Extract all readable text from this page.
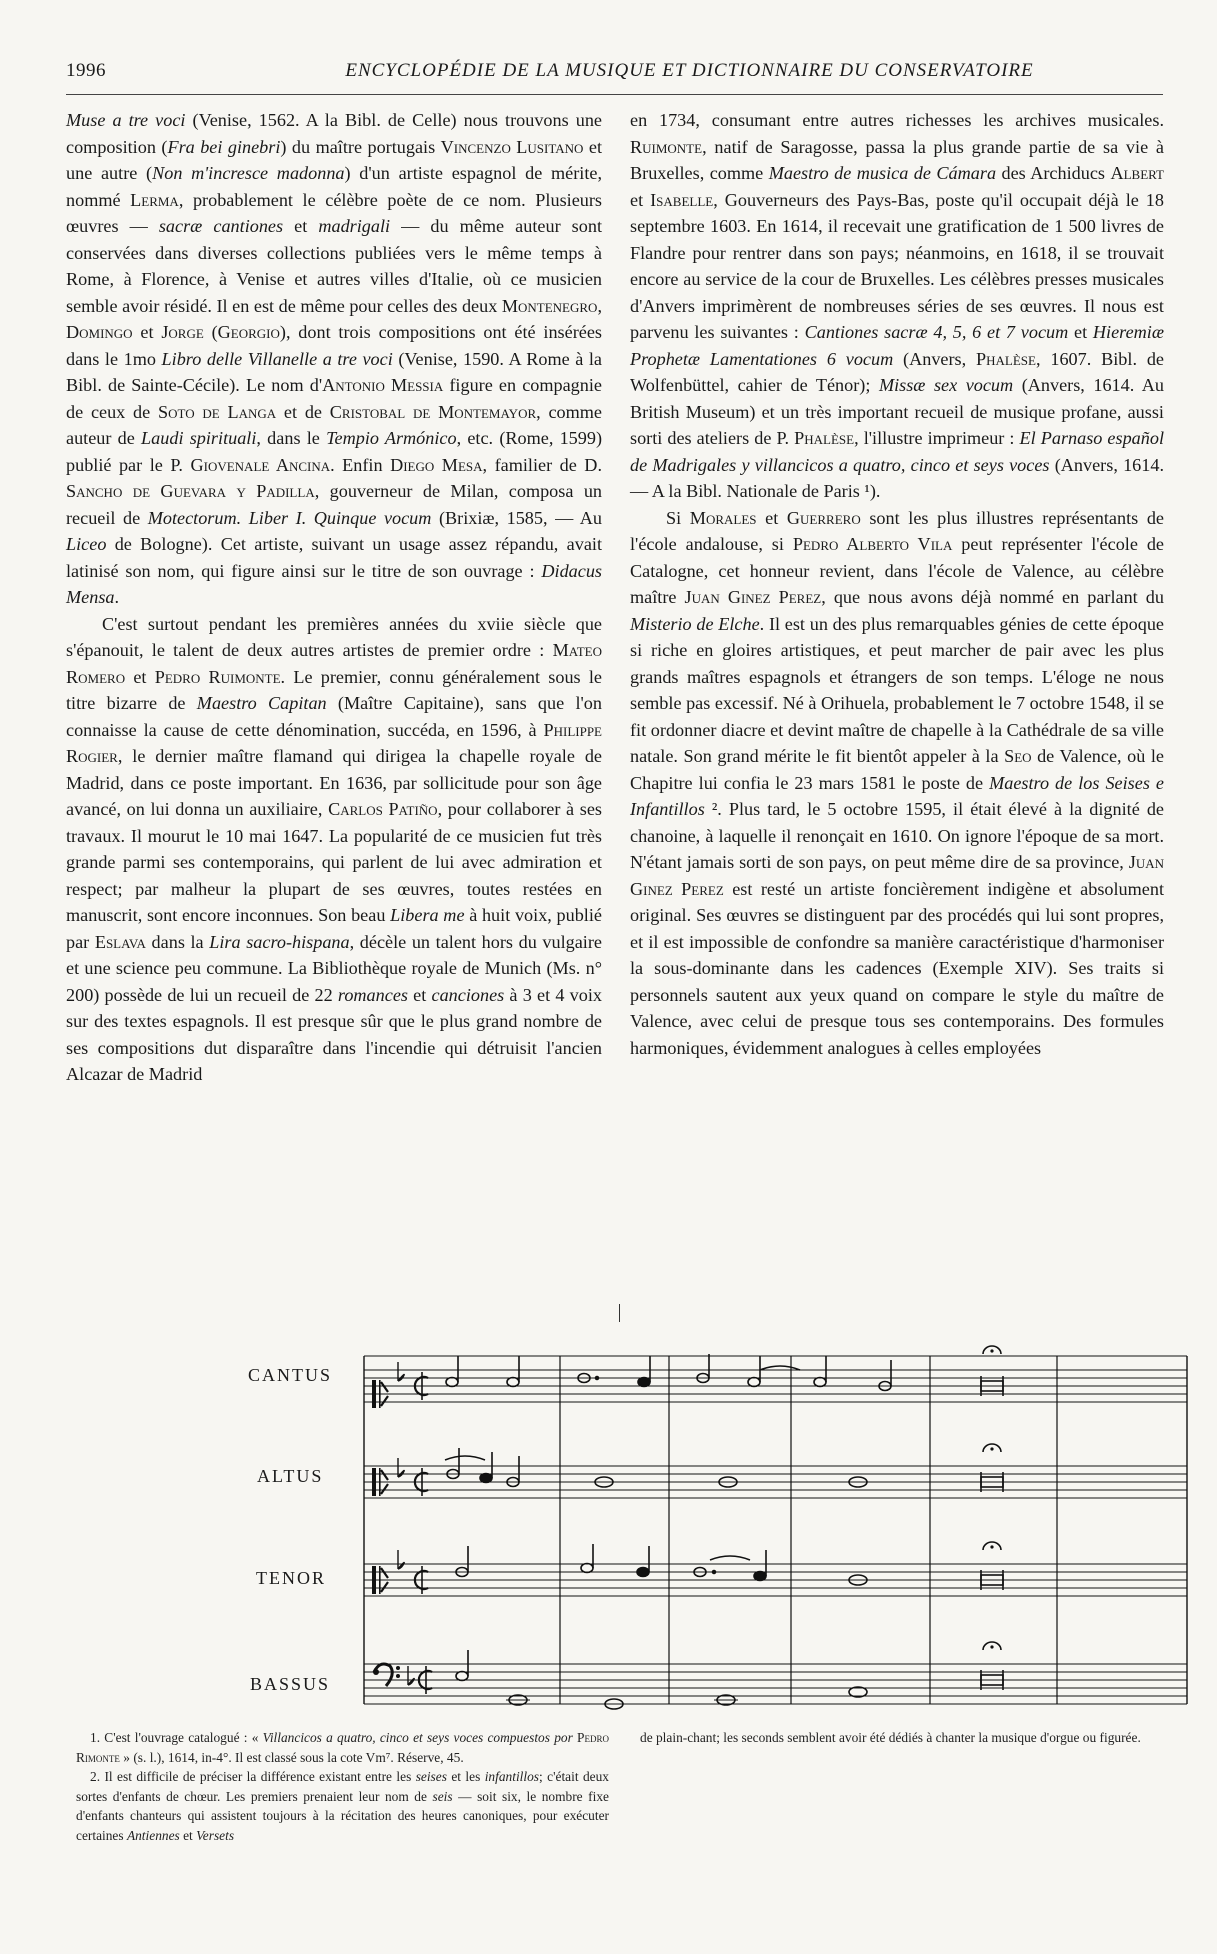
1996	ENCYCLOPÉDIE DE LA MUSIQUE ET DICTIONNAIRE DU CONSERVATOIRE

Muse a tre voci (Venise, 1562. A la Bibl. de Celle) nous trouvons une composition (Fra bei ginebri) du maître portugais Vincenzo Lusitano et une autre (Non m'increscе madonna) d'un artiste espagnol de mérite, nommé Lerma, probablement le célèbre poète de ce nom. Plusieurs œuvres — sacræ cantiones et madrigali — du même auteur sont conservées dans diverses collections publiées vers le même temps à Rome, à Florence, à Venise et autres villes d'Italie, où ce musicien semble avoir résidé. Il en est de même pour celles des deux Montenegro, Domingo et Jorge (Georgio), dont trois compositions ont été insérées dans le 1mo Libro delle Villanelle a tre voci (Venise, 1590. A Rome à la Bibl. de Sainte-Cécile). Le nom d'Antonio Messia figure en compagnie de ceux de Soto de Langa et de Cristobal de Montemayor, comme auteur de Laudi spirituali, dans le Tempio Armónico, etc. (Rome, 1599) publié par le P. Giovenale Ancina. Enfin Diego Mesa, familier de D. Sancho de Guevara y Padilla, gouverneur de Milan, composa un recueil de Motectorum. Liber I. Quinque vocum (Brixiæ, 1585, — Au Liceo de Bologne). Cet artiste, suivant un usage assez répandu, avait latinisé son nom, qui figure ainsi sur le titre de son ouvrage : Didacus Mensa.

C'est surtout pendant les premières années du xviie siècle que s'épanouit, le talent de deux autres artistes de premier ordre : Mateo Romero et Pedro Ruimonte. Le premier, connu généralement sous le titre bizarre de Maestro Capitan (Maître Capitaine), sans que l'on connaisse la cause de cette dénomination, succéda, en 1596, à Philippe Rogier, le dernier maître flamand qui dirigea la chapelle royale de Madrid, dans ce poste important. En 1636, par sollicitude pour son âge avancé, on lui donna un auxiliaire, Carlos Patiño, pour collaborer à ses travaux. Il mourut le 10 mai 1647. La popularité de ce musicien fut très grande parmi ses contemporains, qui parlent de lui avec admiration et respect; par malheur la plupart de ses œuvres, toutes restées en manuscrit, sont encore inconnues. Son beau Libera me à huit voix, publié par Eslava dans la Lira sacro-hispana, décèle un talent hors du vulgaire et une science peu commune. La Bibliothèque royale de Munich (Ms. n° 200) possède de lui un recueil de 22 romances et canciones à 3 et 4 voix sur des textes espagnols. Il est presque sûr que le plus grand nombre de ses compositions dut disparaître dans l'incendie qui détruisit l'ancien Alcazar de Madrid

en 1734, consumant entre autres richesses les archives musicales. Ruimonte, natif de Saragosse, passa la plus grande partie de sa vie à Bruxelles, comme Maestro de musica de Cámara des Archiducs Albert et Isabelle, Gouverneurs des Pays-Bas, poste qu'il occupait déjà le 18 septembre 1603. En 1614, il recevait une gratification de 1 500 livres de Flandre pour rentrer dans son pays; néanmoins, en 1618, il se trouvait encore au service de la cour de Bruxelles. Les célèbres presses musicales d'Anvers imprimèrent de nombreuses séries de ses œuvres. Il nous est parvenu les suivantes : Cantiones sacræ 4, 5, 6 et 7 vocum et Hieremiæ Prophetæ Lamentationes 6 vocum (Anvers, Phalèse, 1607. Bibl. de Wolfenbüttel, cahier de Ténor); Missæ sex vocum (Anvers, 1614. Au British Museum) et un très important recueil de musique profane, aussi sorti des ateliers de P. Phalèse, l'illustre imprimeur : El Parnaso español de Madrigales y villancicos a quatro, cinco et seys voces (Anvers, 1614. — A la Bibl. Nationale de Paris ¹).

Si Morales et Guerrero sont les plus illustres représentants de l'école andalouse, si Pedro Alberto Vila peut représenter l'école de Catalogne, cet honneur revient, dans l'école de Valence, au célèbre maître Juan Ginez Perez, que nous avons déjà nommé en parlant du Misterio de Elche. Il est un des plus remarquables génies de cette époque si riche en gloires artistiques, et peut marcher de pair avec les plus grands maîtres espagnols et étrangers de son temps. L'éloge ne nous semble pas excessif. Né à Orihuela, probablement le 7 octobre 1548, il se fit ordonner diacre et devint maître de chapelle à la Cathédrale de sa ville natale. Son grand mérite le fit bientôt appeler à la Seo de Valence, où le Chapitre lui confia le 23 mars 1581 le poste de Maestro de los Seises e Infantillos ². Plus tard, le 5 octobre 1595, il était élevé à la dignité de chanoine, à laquelle il renonçait en 1610. On ignore l'époque de sa mort. N'étant jamais sorti de son pays, on peut même dire de sa province, Juan Ginez Perez est resté un artiste foncièrement indigène et absolument original. Ses œuvres se distinguent par des procédés qui lui sont propres, et il est impossible de confondre sa manière caractéristique d'harmoniser la sous-dominante dans les cadences (Exemple XIV). Ses traits si personnels sautent aux yeux quand on compare le style du maître de Valence, avec celui de presque tous ses contemporains. Des formules harmoniques, évidemment analogues à celles employées

CANTUS
ALTUS
TENOR
BASSUS

1. C'est l'ouvrage catalogué : « Villancicos a quatro, cinco et seys voces compuestos por Pedro Rimonte » (s. l.), 1614, in-4°. Il est classé sous la cote Vm⁷. Réserve, 45.

2. Il est difficile de préciser la différence existant entre les seises et les infantillos; c'était deux sortes d'enfants de chœur. Les premiers prenaient leur nom de seis — soit six, le nombre fixe d'enfants chanteurs qui assistent toujours à la récitation des heures canoniques, pour exécuter certaines Antiennes et Versets

de plain-chant; les seconds semblent avoir été dédiés à chanter la musique d'orgue ou figurée.
